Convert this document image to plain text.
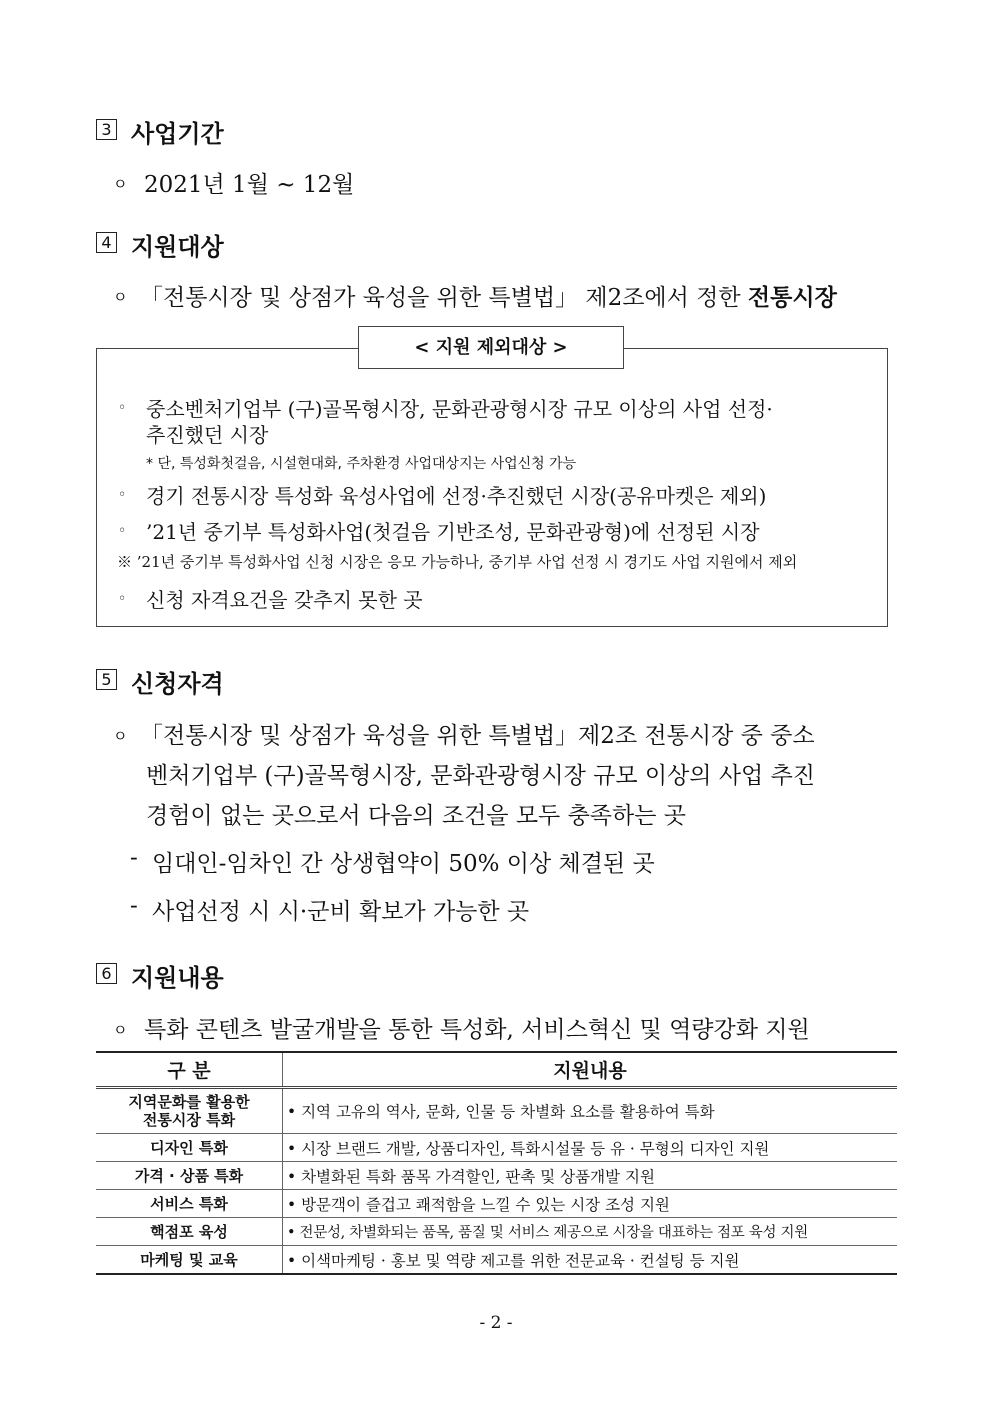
3 사업기간
ㅇ 2021년 1월 ~ 12월
4 지원대상
ㅇ 「전통시장 및 상점가 육성을 위한 특별법」 제2조에서 정한 전통시장
< 지원 제외대상 >
◦ 중소벤처기업부 (구)골목형시장, 문화관광형시장 규모 이상의 사업 선정·
추진했던 시장
* 단, 특성화첫걸음, 시설현대화, 주차환경 사업대상지는 사업신청 가능
◦ 경기 전통시장 특성화 육성사업에 선정·추진했던 시장(공유마켓은 제외)
◦ ’21년 중기부 특성화사업(첫걸음 기반조성, 문화관광형)에 선정된 시장
※ ’21년 중기부 특성화사업 신청 시장은 응모 가능하나, 중기부 사업 선정 시 경기도 사업 지원에서 제외
◦ 신청 자격요건을 갖추지 못한 곳
5 신청자격
ㅇ 「전통시장 및 상점가 육성을 위한 특별법」제2조 전통시장 중 중소
벤처기업부 (구)골목형시장, 문화관광형시장 규모 이상의 사업 추진
경험이 없는 곳으로서 다음의 조건을 모두 충족하는 곳
- 임대인-임차인 간 상생협약이 50% 이상 체결된 곳
- 사업선정 시 시·군비 확보가 가능한 곳
6 지원내용
ㅇ 특화 콘텐츠 발굴개발을 통한 특성화, 서비스혁신 및 역량강화 지원
구 분	지원내용
지역문화를 활용한
전통시장 특화	• 지역 고유의 역사, 문화, 인물 등 차별화 요소를 활용하여 특화
디자인 특화	• 시장 브랜드 개발, 상품디자인, 특화시설물 등 유 · 무형의 디자인 지원
가격 · 상품 특화	• 차별화된 특화 품목 가격할인, 판촉 및 상품개발 지원
서비스 특화	• 방문객이 즐겁고 쾌적함을 느낄 수 있는 시장 조성 지원
핵점포 육성	• 전문성, 차별화되는 품목, 품질 및 서비스 제공으로 시장을 대표하는 점포 육성 지원
마케팅 및 교육	• 이색마케팅 · 홍보 및 역량 제고를 위한 전문교육 · 컨설팅 등 지원
- 2 -
